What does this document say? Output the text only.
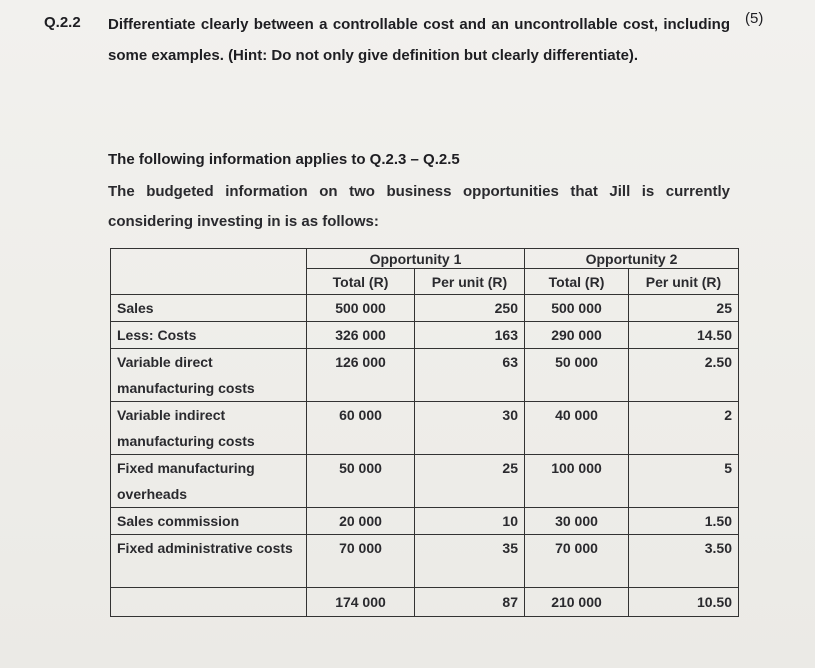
Q.2.2 Differentiate clearly between a controllable cost and an uncontrollable cost, including some examples. (Hint: Do not only give definition but clearly differentiate).
(5)
The following information applies to Q.2.3 – Q.2.5
The budgeted information on two business opportunities that Jill is currently considering investing in is as follows:
	Opportunity 1		Opportunity 2	
	Total (R)	Per unit (R)	Total (R)	Per unit (R)
Sales	500 000	250	500 000	25
Less: Costs	326 000	163	290 000	14.50
Variable direct manufacturing costs	126 000	63	50 000	2.50
Variable indirect manufacturing costs	60 000	30	40 000	2
Fixed manufacturing overheads	50 000	25	100 000	5
Sales commission	20 000	10	30 000	1.50
Fixed administrative costs	70 000	35	70 000	3.50
	174 000	87	210 000	10.50
